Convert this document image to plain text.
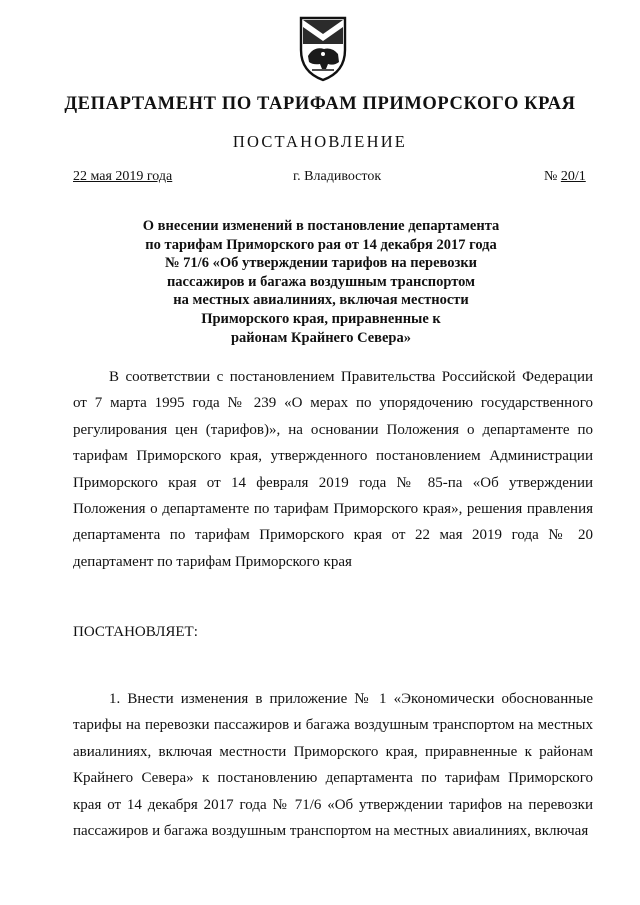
ДЕПАРТАМЕНТ ПО ТАРИФАМ ПРИМОРСКОГО КРАЯ
ПОСТАНОВЛЕНИЕ
22 мая 2019 года	г. Владивосток	№ 20/1
О внесении изменений в постановление департамента
по тарифам Приморского рая от 14 декабря 2017 года
№ 71/6 «Об утверждении тарифов на перевозки
пассажиров и багажа воздушным транспортом
на местных авиалиниях, включая местности
Приморского края, приравненные к
районам Крайнего Севера»

В соответствии с постановлением Правительства Российской Федерации от 7 марта 1995 года № 239 «О мерах по упорядочению государственного регулирования цен (тарифов)», на основании Положения о департаменте по тарифам Приморского края, утвержденного постановлением Администрации Приморского края от 14 февраля 2019 года № 85-па «Об утверждении Положения о департаменте по тарифам Приморского края», решения правления департамента по тарифам Приморского края от 22 мая 2019 года № 20 департамент по тарифам Приморского края

ПОСТАНОВЛЯЕТ:

1. Внести изменения в приложение № 1 «Экономически обоснованные тарифы на перевозки пассажиров и багажа воздушным транспортом на местных авиалиниях, включая местности Приморского края, приравненные к районам Крайнего Севера» к постановлению департамента по тарифам Приморского края от 14 декабря 2017 года № 71/6 «Об утверждении тарифов на перевозки пассажиров и багажа воздушным транспортом на местных авиалиниях, включая
